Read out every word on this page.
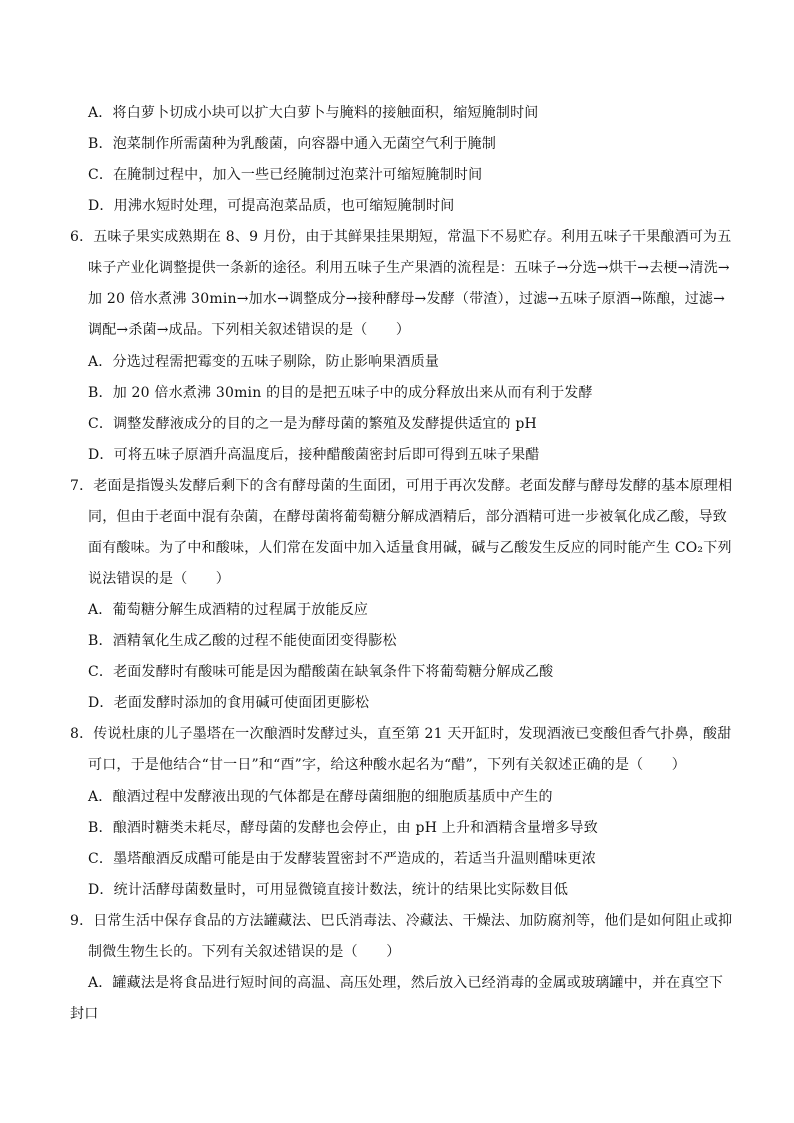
A．将白萝卜切成小块可以扩大白萝卜与腌料的接触面积，缩短腌制时间
B．泡菜制作所需菌种为乳酸菌，向容器中通入无菌空气利于腌制
C．在腌制过程中，加入一些已经腌制过泡菜汁可缩短腌制时间
D．用沸水短时处理，可提高泡菜品质，也可缩短腌制时间
6．五味子果实成熟期在 8、9 月份，由于其鲜果挂果期短，常温下不易贮存。利用五味子干果酿酒可为五
味子产业化调整提供一条新的途径。利用五味子生产果酒的流程是：五味子→分选→烘干→去梗→清洗→
加 20 倍水煮沸 30min→加水→调整成分→接种酵母→发酵（带渣），过滤→五味子原酒→陈酿，过滤→
调配→杀菌→成品。下列相关叙述错误的是（　　）
A．分选过程需把霉变的五味子剔除，防止影响果酒质量
B．加 20 倍水煮沸 30min 的目的是把五味子中的成分释放出来从而有利于发酵
C．调整发酵液成分的目的之一是为酵母菌的繁殖及发酵提供适宜的 pH
D．可将五味子原酒升高温度后，接种醋酸菌密封后即可得到五味子果醋
7．老面是指馒头发酵后剩下的含有酵母菌的生面团，可用于再次发酵。老面发酵与酵母发酵的基本原理相
同，但由于老面中混有杂菌，在酵母菌将葡萄糖分解成酒精后，部分酒精可进一步被氧化成乙酸，导致
面有酸味。为了中和酸味，人们常在发面中加入适量食用碱，碱与乙酸发生反应的同时能产生 CO₂下列
说法错误的是（　　）
A．葡萄糖分解生成酒精的过程属于放能反应
B．酒精氧化生成乙酸的过程不能使面团变得膨松
C．老面发酵时有酸味可能是因为醋酸菌在缺氧条件下将葡萄糖分解成乙酸
D．老面发酵时添加的食用碱可使面团更膨松
8．传说杜康的儿子墨塔在一次酿酒时发酵过头，直至第 21 天开缸时，发现酒液已变酸但香气扑鼻，酸甜
可口，于是他结合“甘一日”和“酉”字，给这种酸水起名为“醋”，下列有关叙述正确的是（　　）
A．酿酒过程中发酵液出现的气体都是在酵母菌细胞的细胞质基质中产生的
B．酿酒时糖类未耗尽，酵母菌的发酵也会停止，由 pH 上升和酒精含量增多导致
C．墨塔酿酒反成醋可能是由于发酵装置密封不严造成的，若适当升温则醋味更浓
D．统计活酵母菌数量时，可用显微镜直接计数法，统计的结果比实际数目低
9．日常生活中保存食品的方法罐藏法、巴氏消毒法、冷藏法、干燥法、加防腐剂等，他们是如何阻止或抑
制微生物生长的。下列有关叙述错误的是（　　）
A．罐藏法是将食品进行短时间的高温、高压处理，然后放入已经消毒的金属或玻璃罐中，并在真空下
封口
